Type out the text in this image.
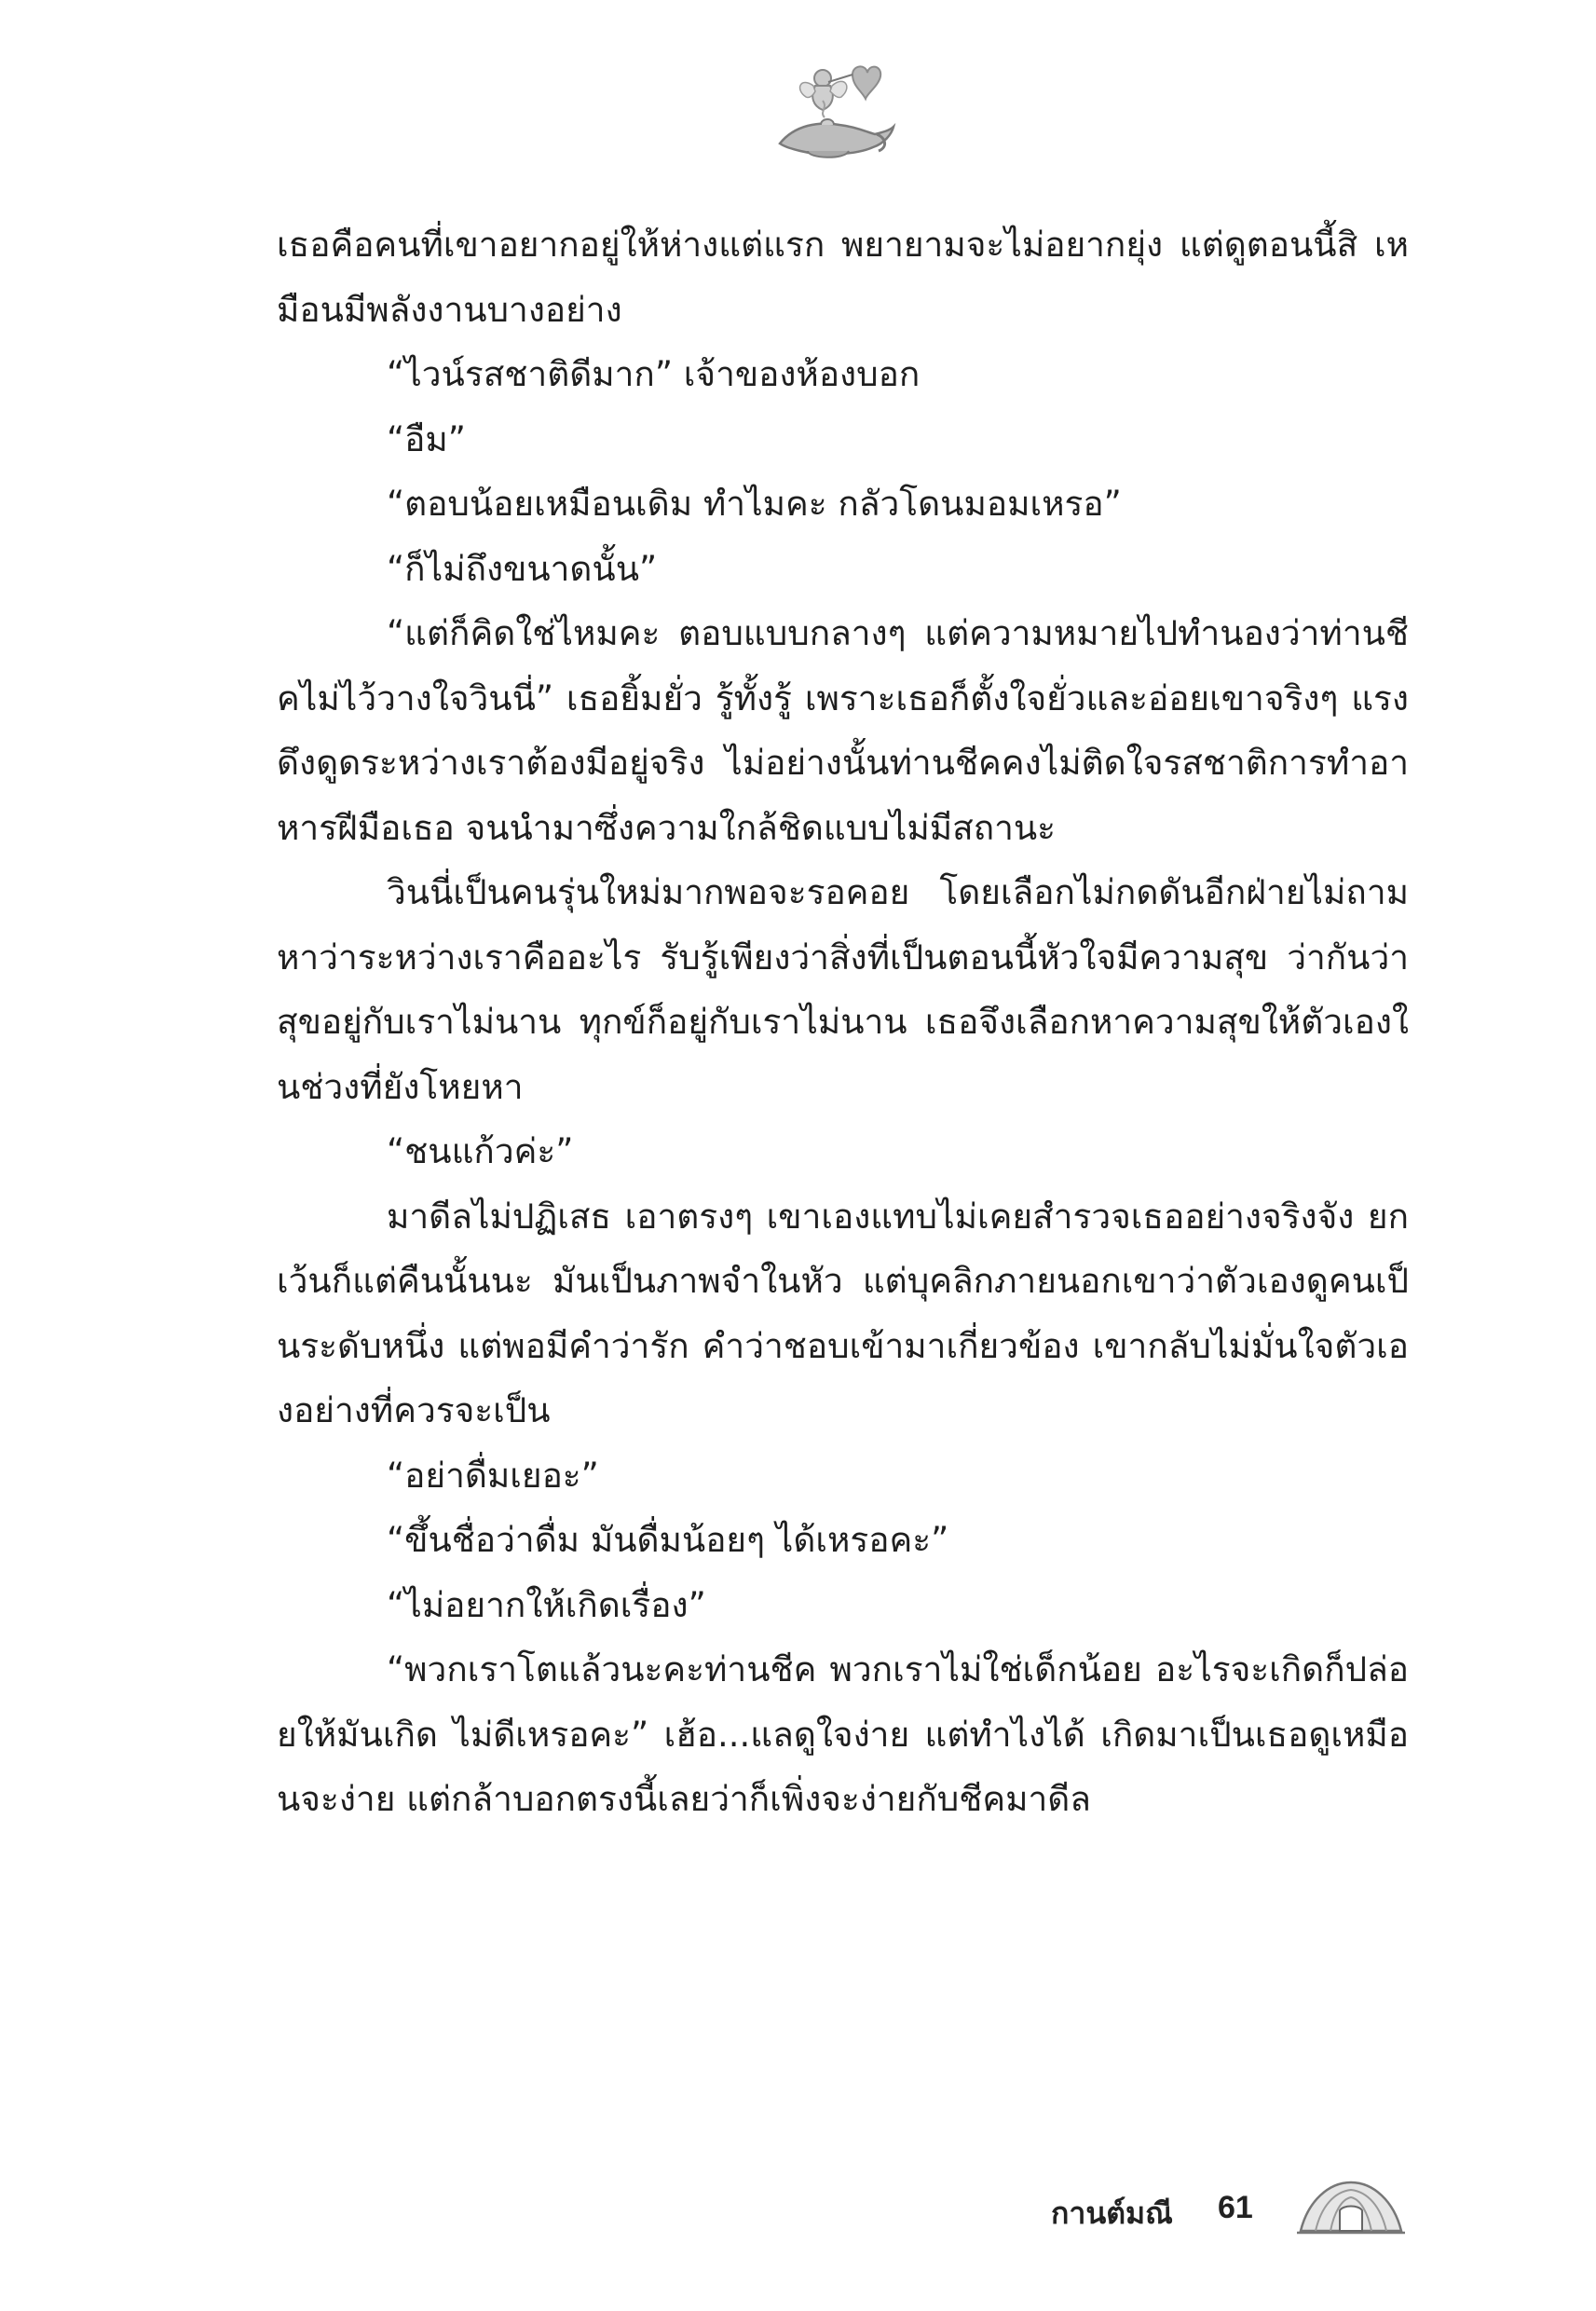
เธอคือคนที่เขาอยากอยู่ให้ห่างแต่แรก พยายามจะไม่อยากยุ่ง แต่ดูตอนนี้สิ เหมือนมีพลังงานบางอย่าง

“ไวน์รสชาติดีมาก” เจ้าของห้องบอก

“อืม”

“ตอบน้อยเหมือนเดิม ทำไมคะ กลัวโดนมอมเหรอ”

“ก็ไม่ถึงขนาดนั้น”

“แต่ก็คิดใช่ไหมคะ ตอบแบบกลางๆ แต่ความหมายไปทำนองว่าท่านชีคไม่ไว้วางใจวินนี่” เธอยิ้มยั่ว รู้ทั้งรู้ เพราะเธอก็ตั้งใจยั่วและอ่อยเขาจริงๆ แรงดึงดูดระหว่างเราต้องมีอยู่จริง ไม่อย่างนั้นท่านชีคคงไม่ติดใจรสชาติการทำอาหารฝีมือเธอ จนนำมาซึ่งความใกล้ชิดแบบไม่มีสถานะ

วินนี่เป็นคนรุ่นใหม่มากพอจะรอคอย โดยเลือกไม่กดดันอีกฝ่ายไม่ถามหาว่าระหว่างเราคืออะไร รับรู้เพียงว่าสิ่งที่เป็นตอนนี้หัวใจมีความสุข ว่ากันว่าสุขอยู่กับเราไม่นาน ทุกข์ก็อยู่กับเราไม่นาน เธอจึงเลือกหาความสุขให้ตัวเองในช่วงที่ยังโหยหา

“ชนแก้วค่ะ”

มาดีลไม่ปฏิเสธ เอาตรงๆ เขาเองแทบไม่เคยสำรวจเธออย่างจริงจัง ยกเว้นก็แต่คืนนั้นนะ มันเป็นภาพจำในหัว แต่บุคลิกภายนอกเขาว่าตัวเองดูคนเป็นระดับหนึ่ง แต่พอมีคำว่ารัก คำว่าชอบเข้ามาเกี่ยวข้อง เขากลับไม่มั่นใจตัวเองอย่างที่ควรจะเป็น

“อย่าดื่มเยอะ”

“ขึ้นชื่อว่าดื่ม มันดื่มน้อยๆ ได้เหรอคะ”

“ไม่อยากให้เกิดเรื่อง”

“พวกเราโตแล้วนะคะท่านชีค พวกเราไม่ใช่เด็กน้อย อะไรจะเกิดก็ปล่อยให้มันเกิด ไม่ดีเหรอคะ” เฮ้อ...แลดูใจง่าย แต่ทำไงได้ เกิดมาเป็นเธอดูเหมือนจะง่าย แต่กล้าบอกตรงนี้เลยว่าก็เพิ่งจะง่ายกับชีคมาดีล

กานต์มณี 61
